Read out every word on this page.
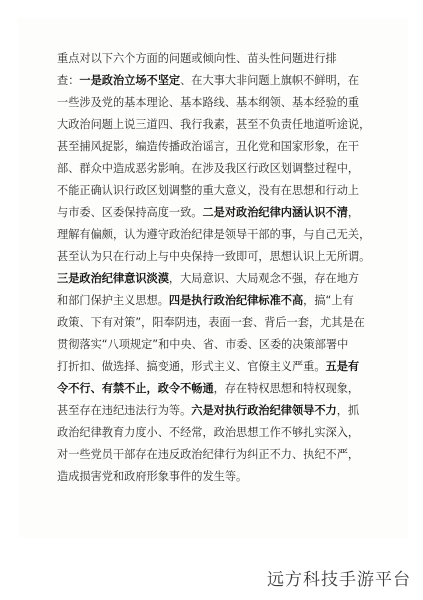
重点对以下六个方面的问题或倾向性、苗头性问题进行排
查：一是政治立场不坚定、在大事大非问题上旗帜不鲜明，在
一些涉及党的基本理论、基本路线、基本纲领、基本经验的重
大政治问题上说三道四、我行我素，甚至不负责任地道听途说，
甚至捕风捉影，编造传播政治谣言，丑化党和国家形象，在干
部、群众中造成恶劣影响。在涉及我区行政区划调整过程中，
不能正确认识行政区划调整的重大意义，没有在思想和行动上
与市委、区委保持高度一致。二是对政治纪律内涵认识不清，
理解有偏颇，认为遵守政治纪律是领导干部的事，与自己无关，
甚至认为只在行动上与中央保持一致即可，思想认识上无所谓。
三是政治纪律意识淡漠，大局意识、大局观念不强，存在地方
和部门保护主义思想。四是执行政治纪律标准不高，搞“上有
政策、下有对策”，阳奉阴违，表面一套、背后一套，尤其是在
贯彻落实“八项规定”和中央、省、市委、区委的决策部署中
打折扣、做选择、搞变通，形式主义、官僚主义严重。五是有
令不行、有禁不止，政令不畅通，存在特权思想和特权现象，
甚至存在违纪违法行为等。六是对执行政治纪律领导不力，抓
政治纪律教育力度小、不经常，政治思想工作不够扎实深入，
对一些党员干部存在违反政治纪律行为纠正不力、执纪不严，
造成损害党和政府形象事件的发生等。
远方科技手游平台
